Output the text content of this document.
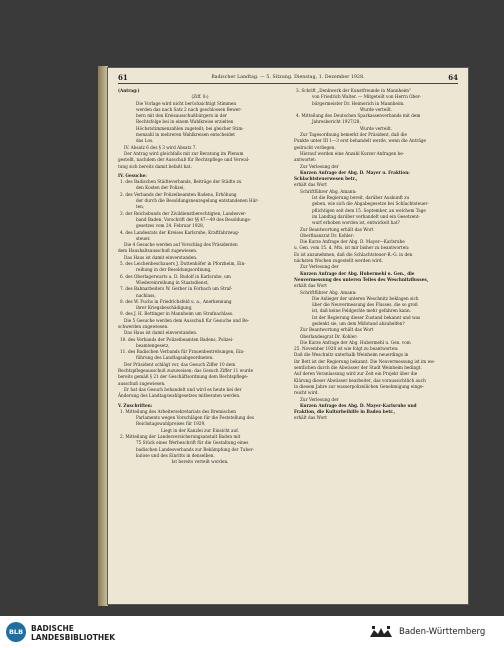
61	Badischer Landtag. — 5. Sitzung. Dienstag, 1. Dezember 1928.	64

(Antrag:)

(Ziff. 8:)

Die Vorlage wird nicht berücksichtigt Stimmen

werden das nach Satz 2 nach geschlossen Bewer-

bern mit den Kreisausschußbürgern in der

Rechtsfolge bei in einem Wahlkreise erzielten

Höchststimmenzahlen zugeteilt; bei gleicher Stim-

menzahl in mehreren Wahlkreisen entscheidet

das Los.

IV. Absatz 6 des § 3 wird Absatz 7.

Der Antrag wird gleichfalls mit zur Beratung im Plenum

gestellt, nachdem der Ausschuß für Rechtspflege und Verwal-

tung sich bereits damit befaßt hat.

IV. Gesuche:

1. des Badischen Städteverbands, Beiträge der Städte zu

den Kosten der Polizei,

2. des Verbands der Polizeibeamten Badens, Erhöhung

der durch die Besoldungsneuregelung entstandenen Här-

ten,

3. der Reichsbunds der Zivildienstberechtigten, Landesver-

band Baden, Vorschrift der §§ 47—49 des Besoldungs-

gesetzes vom 24. Februar 1928,

4. des Landesrats der Kreises Karlsruhe, Kraftfahrzeug-

steuer.

Die 4 Gesuche werden auf Vorschlag des Präsidenten

dem Haushaltsausschuß zugewiesen.

Das Haus ist damit einverstanden.

5. des Leichenbeschauers J. Duttenhöfer in Pforzheim, Ein-

reihung in der Besoldungsordnung,

6. des Oberlagerwarts a. D. Rudolf in Karlsruhe, um

Wiedereinreihung in Staatsdienst,

7. des Bahnarbeiters W. Gerber in Forbach um Straf-

nachlass,

8. des W. Fuchs in Friedrichsfeld u. a., Anerkennung

ihrer Kriegsbeschädigung,

9. des J. H. Bettinger in Mannheim um Strafnachlass.

Die 5 Gesuche werden dem Ausschuß für Gesuche und Be-

schwerden zugewiesen.

Das Haus ist damit einverstanden.

10. des Verbands der Polizeibeamten Badens, Polizei-

beamtengesetz,

11. des Badischen Verbands für Frauenbestrebungen, Ein-

führung des Landtagsabgeordneten.

Der Präsident schlägt vor, das Gesuch Ziffer 10 dem

Rechtspflegeausschuß zuzuweisen; das Gesuch Ziffer 11 wurde

bereits gemäß § 21 der Geschäftsordnung dem Rechtspflege-

ausschuß zugewiesen.

Er hat das Gesuch behandelt und wird es heute bei der

Änderung des Landtagswahlgesetzes mitberaten werden.

V. Zuschriften:

1. Mitteilung des Arbeitersekretariats des Bremischen

Parlaments wegen Vorschlägen für die Feststellung des

Reichstagswahlpreises für 1929,

Liegt in der Kanzlei zur Einsicht auf.

2. Mitteilung der Landesversicherungsanstalt Baden mit

75 Stück eines Werbeschrift für die Gestaltung eines

badischen Landesverbands zur Bekämpfung der Tuber-

kulose und des Einritts in denselben.

Ist bereits verteilt worden.

3. Schrift „Denkwerk der Kunstfreunde in Mannheim“

von Friedrich Walter. — Mitgeteilt von Herrn Ober-

bürgermeister Dr. Heimerich in Mannheim.

Wurde verteilt.

4. Mitteilung des Deutschen Sparkassenverbands mit dem

Jahresbericht 1927/28.

Wurde verteilt.

Zur Tagesordnung bemerkt der Präsident, daß die

Punkte unter III 1—3 erst behandelt werde, wenn die Anträge

gedruckt vorliegen.

Hierauf werden eine Anzahl Kurzer Anfragen be-

antwortet:

Zur Verlesung der

Kurzen Anfrage der Abg. D. Mayer u. Fraktion:

Schlachtsteuerwesen betr.,

erhält das Wort

Schriftführer Abg. Amann:

Ist die Regierung bereit, darüber Auskunft zu

geben, wie sich die Abgabegesetze bei Schlachtsteuer-

pflichtigen seit dem 15. September, an welchem Tage

im Landtag darüber verhandelt und ein Gesetzent-

wurf erhoben worden ist, entwickelt hat?

Zur Beantwortung erhält das Wort

Oberfinanzrat Dr. Kohler:

Die Kurze Anfrage der Abg. D. Mayer—Karlsruhe

u. Gen. vom 15. d. Mts. ist mir bisher zu beantworten:

Es ist anzunehmen, daß die Schlachtsteuer-R.-G. in den

nächsten Wochen zugestellt werden wird.

Zur Verlesung der

Kurzen Anfrage der Abg. Hubermehl u. Gen., die

Neuvermessung des unteren Teiles des Weschnitzflusses,

erhält das Wort

Schriftführer Abg. Amann:

Die Anlieger der unteren Weschnitz beklagen sich

über die Neuvermessung des Flusses, die so groß

ist, daß keine Feldgeräte mehr gefahren kann.

Ist der Regierung dieser Zustand bekannt und was

gedenkt sie, um dem Mißstand abzuhelfen?

Zur Beantwortung erhält das Wort

Oberlandesgrat Dr. Kohler:

Die Kurze Anfrage der Abg. Hubermehl u. Gen. vom

25. November 1928 ist wie folgt zu beantworten:

Daß die Weschnitz unterhalb Weinheim neuerdings in

ihr Bett ist der Regierung bekannt. Die Neuvermessung ist im we-

sentlichen durch die Abwässer der Stadt Weinheim bedingt.

Auf deren Veranlassung wird zur Zeit ein Projekt über die

Klärung dieser Abwässer bearbeitet, das voraussichtlich auch

in diesem Jahre zur wasserpolizeilichen Genehmigung einge-

reicht wird.

Zur Verlesung der

Kurzen Anfrage des Abg. D. Mayer-Karlsruhe und

Fraktion, die Kulturbeihilfe in Baden betr.,

erhält das Wort

BLB BADISCHE
LANDESBIBLIOTHEK
Baden-Württemberg
